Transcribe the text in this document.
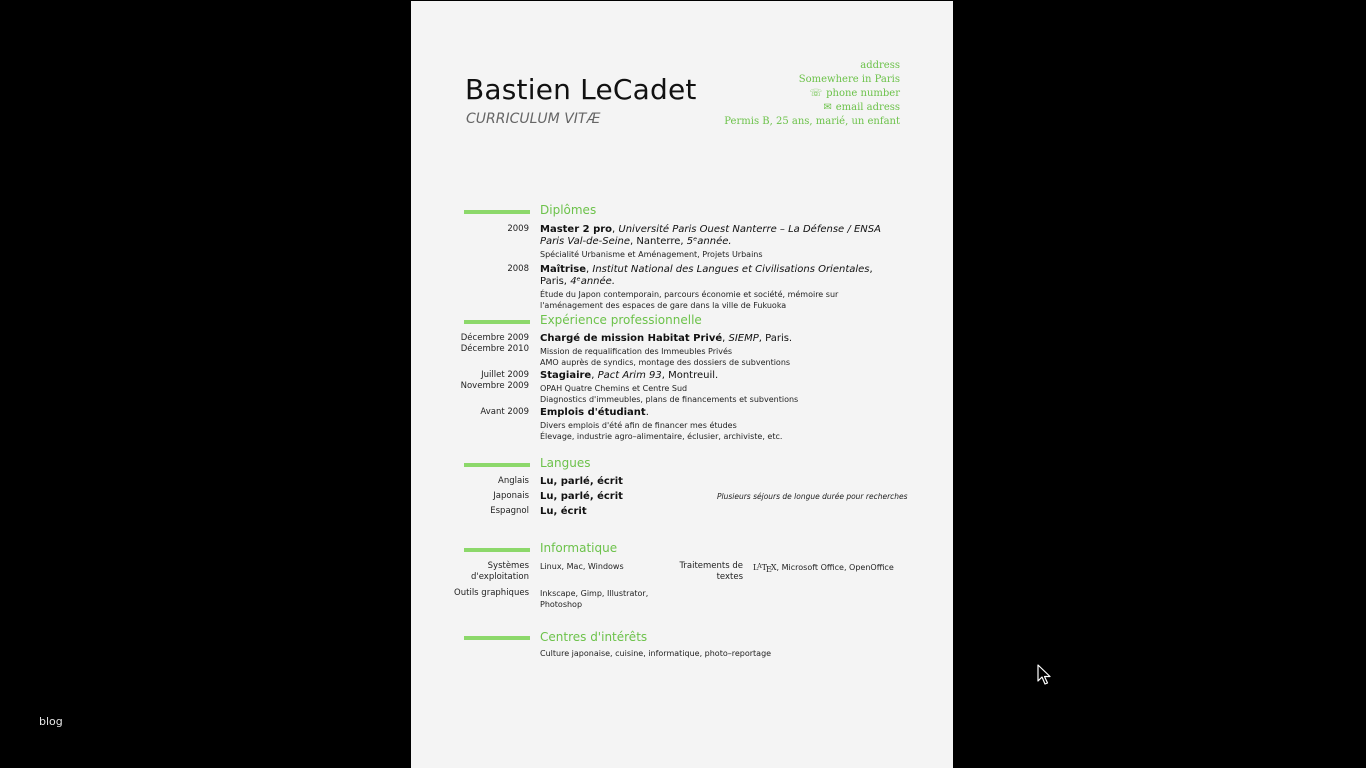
blog
Bastien LeCadet
CURRICULUM VITÆ
address
Somewhere in Paris
☏ phone number
✉ email adress
Permis B, 25 ans, marié, un enfant
Diplômes
2009 Master 2 pro, Université Paris Ouest Nanterre – La Défense / ENSA Paris Val-de-Seine, Nanterre, 5ᵉannée.
Spécialité Urbanisme et Aménagement, Projets Urbains
2008 Maîtrise, Institut National des Langues et Civilisations Orientales, Paris, 4ᵉannée.
Étude du Japon contemporain, parcours économie et société, mémoire sur l'aménagement des espaces de gare dans la ville de Fukuoka
Expérience professionnelle
Décembre 2009
Décembre 2010
Chargé de mission Habitat Privé, SIEMP, Paris.
Mission de requalification des Immeubles Privés
AMO auprès de syndics, montage des dossiers de subventions
Juillet 2009
Novembre 2009
Stagiaire, Pact Arim 93, Montreuil.
OPAH Quatre Chemins et Centre Sud
Diagnostics d'immeubles, plans de financements et subventions
Avant 2009 Emplois d'étudiant.
Divers emplois d'été afin de financer mes études
Élevage, industrie agro–alimentaire, éclusier, archiviste, etc.
Langues
Anglais Lu, parlé, écrit
Japonais Lu, parlé, écrit	Plusieurs séjours de longue durée pour recherches
Espagnol Lu, écrit
Informatique
Systèmes d'exploitation
Linux, Mac, Windows	Traitements de textes
$L^AT_EX$, Microsoft Office, OpenOffice
Outils graphiques Inkscape, Gimp, Illustrator, Photoshop
Centres d'intérêts
Culture japonaise, cuisine, informatique, photo–reportage
